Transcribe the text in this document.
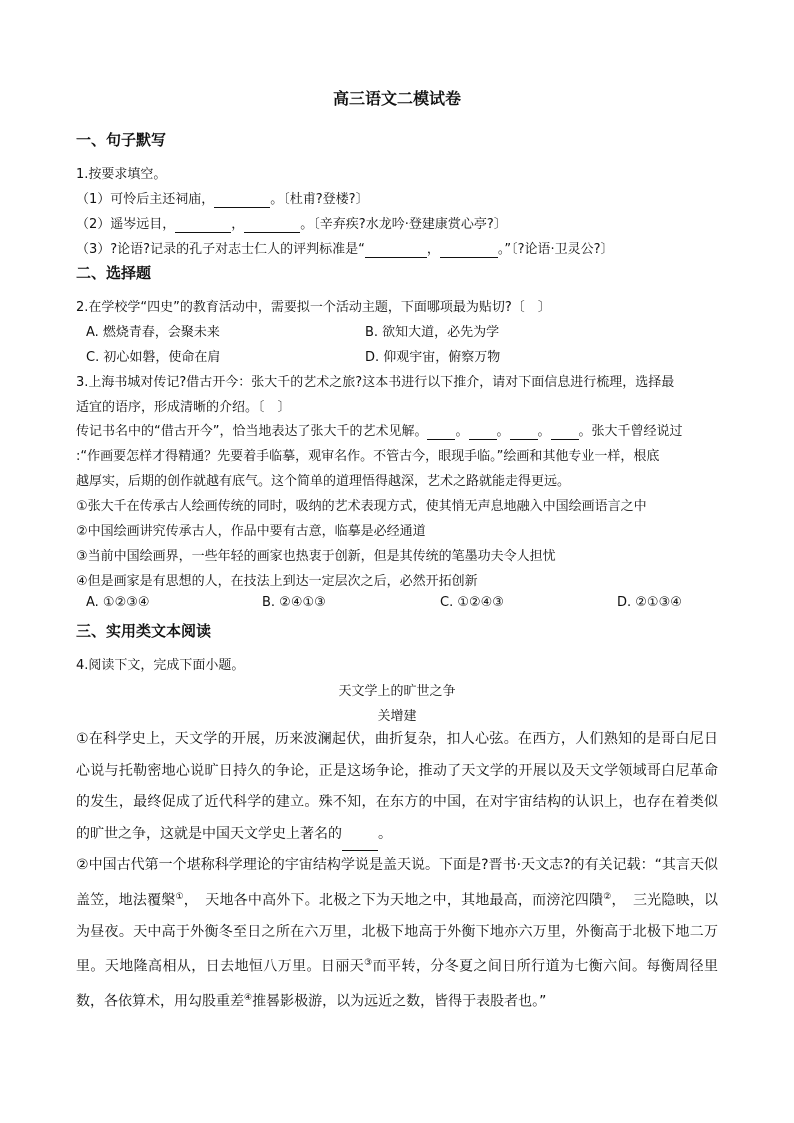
高三语文二模试卷
一、句子默写
1.按要求填空。
（1）可怜后主还祠庙，	。〔杜甫?登楼?〕
（2）遥岑远目，	，	。〔辛弃疾?水龙吟·登建康赏心亭?〕
（3）?论语?记录的孔子对志士仁人的评判标准是“	，	。”〔?论语·卫灵公?〕
二、选择题
2.在学校学“四史”的教育活动中，需要拟一个活动主题，下面哪项最为贴切?〔　〕
A. 燃烧青春，会聚未来	B. 欲知大道，必先为学
C. 初心如磐，使命在肩	D. 仰观宇宙，俯察万物
3.上海书城对传记?借古开今：张大千的艺术之旅?这本书进行以下推介，请对下面信息进行梳理，选择最
适宜的语序，形成清晰的介绍。〔　〕
传记书名中的“借古开今”，恰当地表达了张大千的艺术见解。 。 。 。 。张大千曾经说过
:“作画要怎样才得精通？先要着手临摹，观审名作。不管古今，眼现手临。”绘画和其他专业一样，根底
越厚实，后期的创作就越有底气。这个简单的道理悟得越深，艺术之路就能走得更远。
①张大千在传承古人绘画传统的同时，吸纳的艺术表现方式，使其悄无声息地融入中国绘画语言之中
②中国绘画讲究传承古人，作品中要有古意，临摹是必经通道
③当前中国绘画界，一些年轻的画家也热衷于创新，但是其传统的笔墨功夫令人担忧
④但是画家是有思想的人，在技法上到达一定层次之后，必然开拓创新
A. ①②③④	B. ②④①③	C. ①②④③	D. ②①③④
三、实用类文本阅读
4.阅读下文，完成下面小题。
天文学上的旷世之争
关增建
①在科学史上，天文学的开展，历来波澜起伏，曲折复杂，扣人心弦。在西方，人们熟知的是哥白尼日心说与托勒密地心说旷日持久的争论，正是这场争论，推动了天文学的开展以及天文学领域哥白尼革命的发生，最终促成了近代科学的建立。殊不知，在东方的中国，在对宇宙结构的认识上，也存在着类似的旷世之争，这就是中国天文学史上著名的	。
②中国古代第一个堪称科学理论的宇宙结构学说是盖天说。下面是?晋书·天文志?的有关记载：“其言天似盖笠，地法覆槃①，　天地各中高外下。北极之下为天地之中，其地最高，而滂沱四隤②，　三光隐映，以为昼夜。天中高于外衡冬至日之所在六万里，北极下地高于外衡下地亦六万里，外衡高于北极下地二万里。天地隆高相从，日去地恒八万里。日丽天③而平转，分冬夏之间日所行道为七衡六间。每衡周径里数，各依算术，用勾股重差④推晷影极游，以为远近之数，皆得于表股者也。”
